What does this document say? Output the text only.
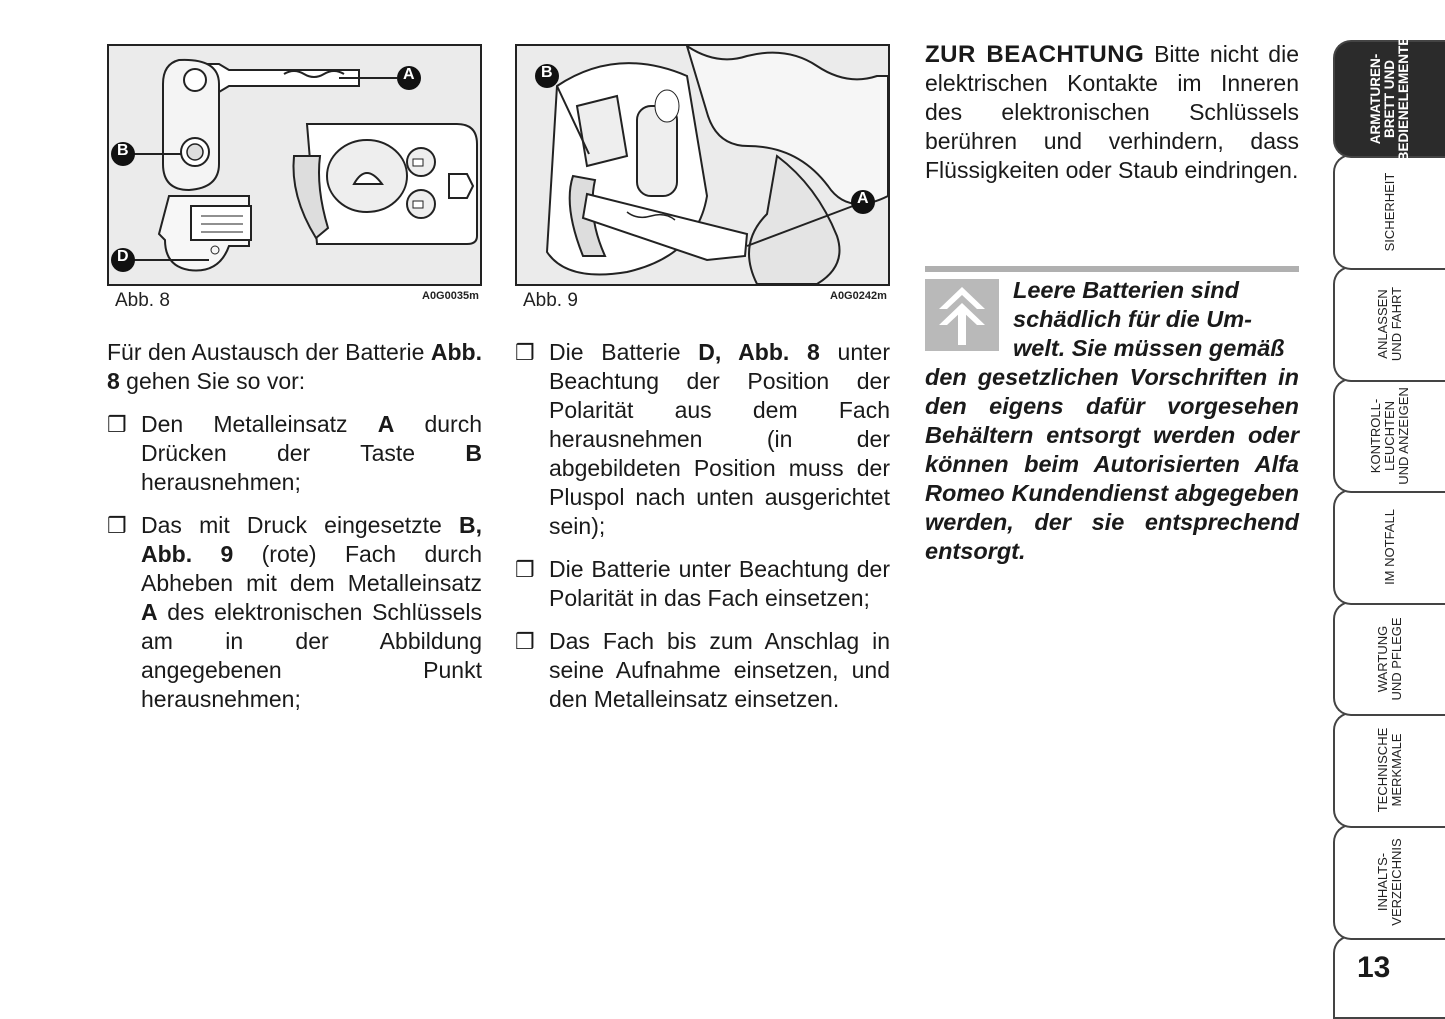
A
B
D
Abb. 8	A0G0035m
B
A
Abb. 9	A0G0242m

Für den Austausch der Batterie Abb. 8 gehen Sie so vor:

❒ Den Metalleinsatz A durch Drücken der Taste B herausnehmen;
❒ Das mit Druck eingesetzte B, Abb. 9 (rote) Fach durch Abheben mit dem Metalleinsatz A des elektronischen Schlüssels am in der Abbildung angegebenen Punkt herausnehmen;
❒ Die Batterie D, Abb. 8 unter Beachtung der Position der Polarität aus dem Fach herausnehmen (in der abgebildeten Position muss der Pluspol nach unten ausgerichtet sein);
❒ Die Batterie unter Beachtung der Polarität in das Fach einsetzen;
❒ Das Fach bis zum Anschlag in seine Aufnahme einsetzen, und den Metalleinsatz einsetzen.
ZUR BEACHTUNG Bitte nicht die elektrischen Kontakte im Inneren des elektronischen Schlüssels berühren und verhindern, dass Flüssigkeiten oder Staub eindringen.
Leere Batterien sind
schädlich für die Um-
welt. Sie müssen gemäß
den gesetzlichen Vorschriften in den eigens dafür vorgesehen Behältern entsorgt werden oder können beim Autorisierten Alfa Romeo Kundendienst abgegeben werden, der sie entsprechend entsorgt.
ARMATUREN-
BRETT UND
BEDIENELEMENTE
SICHERHEIT
ANLASSEN
UND FAHRT
KONTROLL-
LEUCHTEN
UND ANZEIGEN
IM NOTFALL
WARTUNG
UND PFLEGE
TECHNISCHE
MERKMALE
INHALTS-
VERZEICHNIS
13
